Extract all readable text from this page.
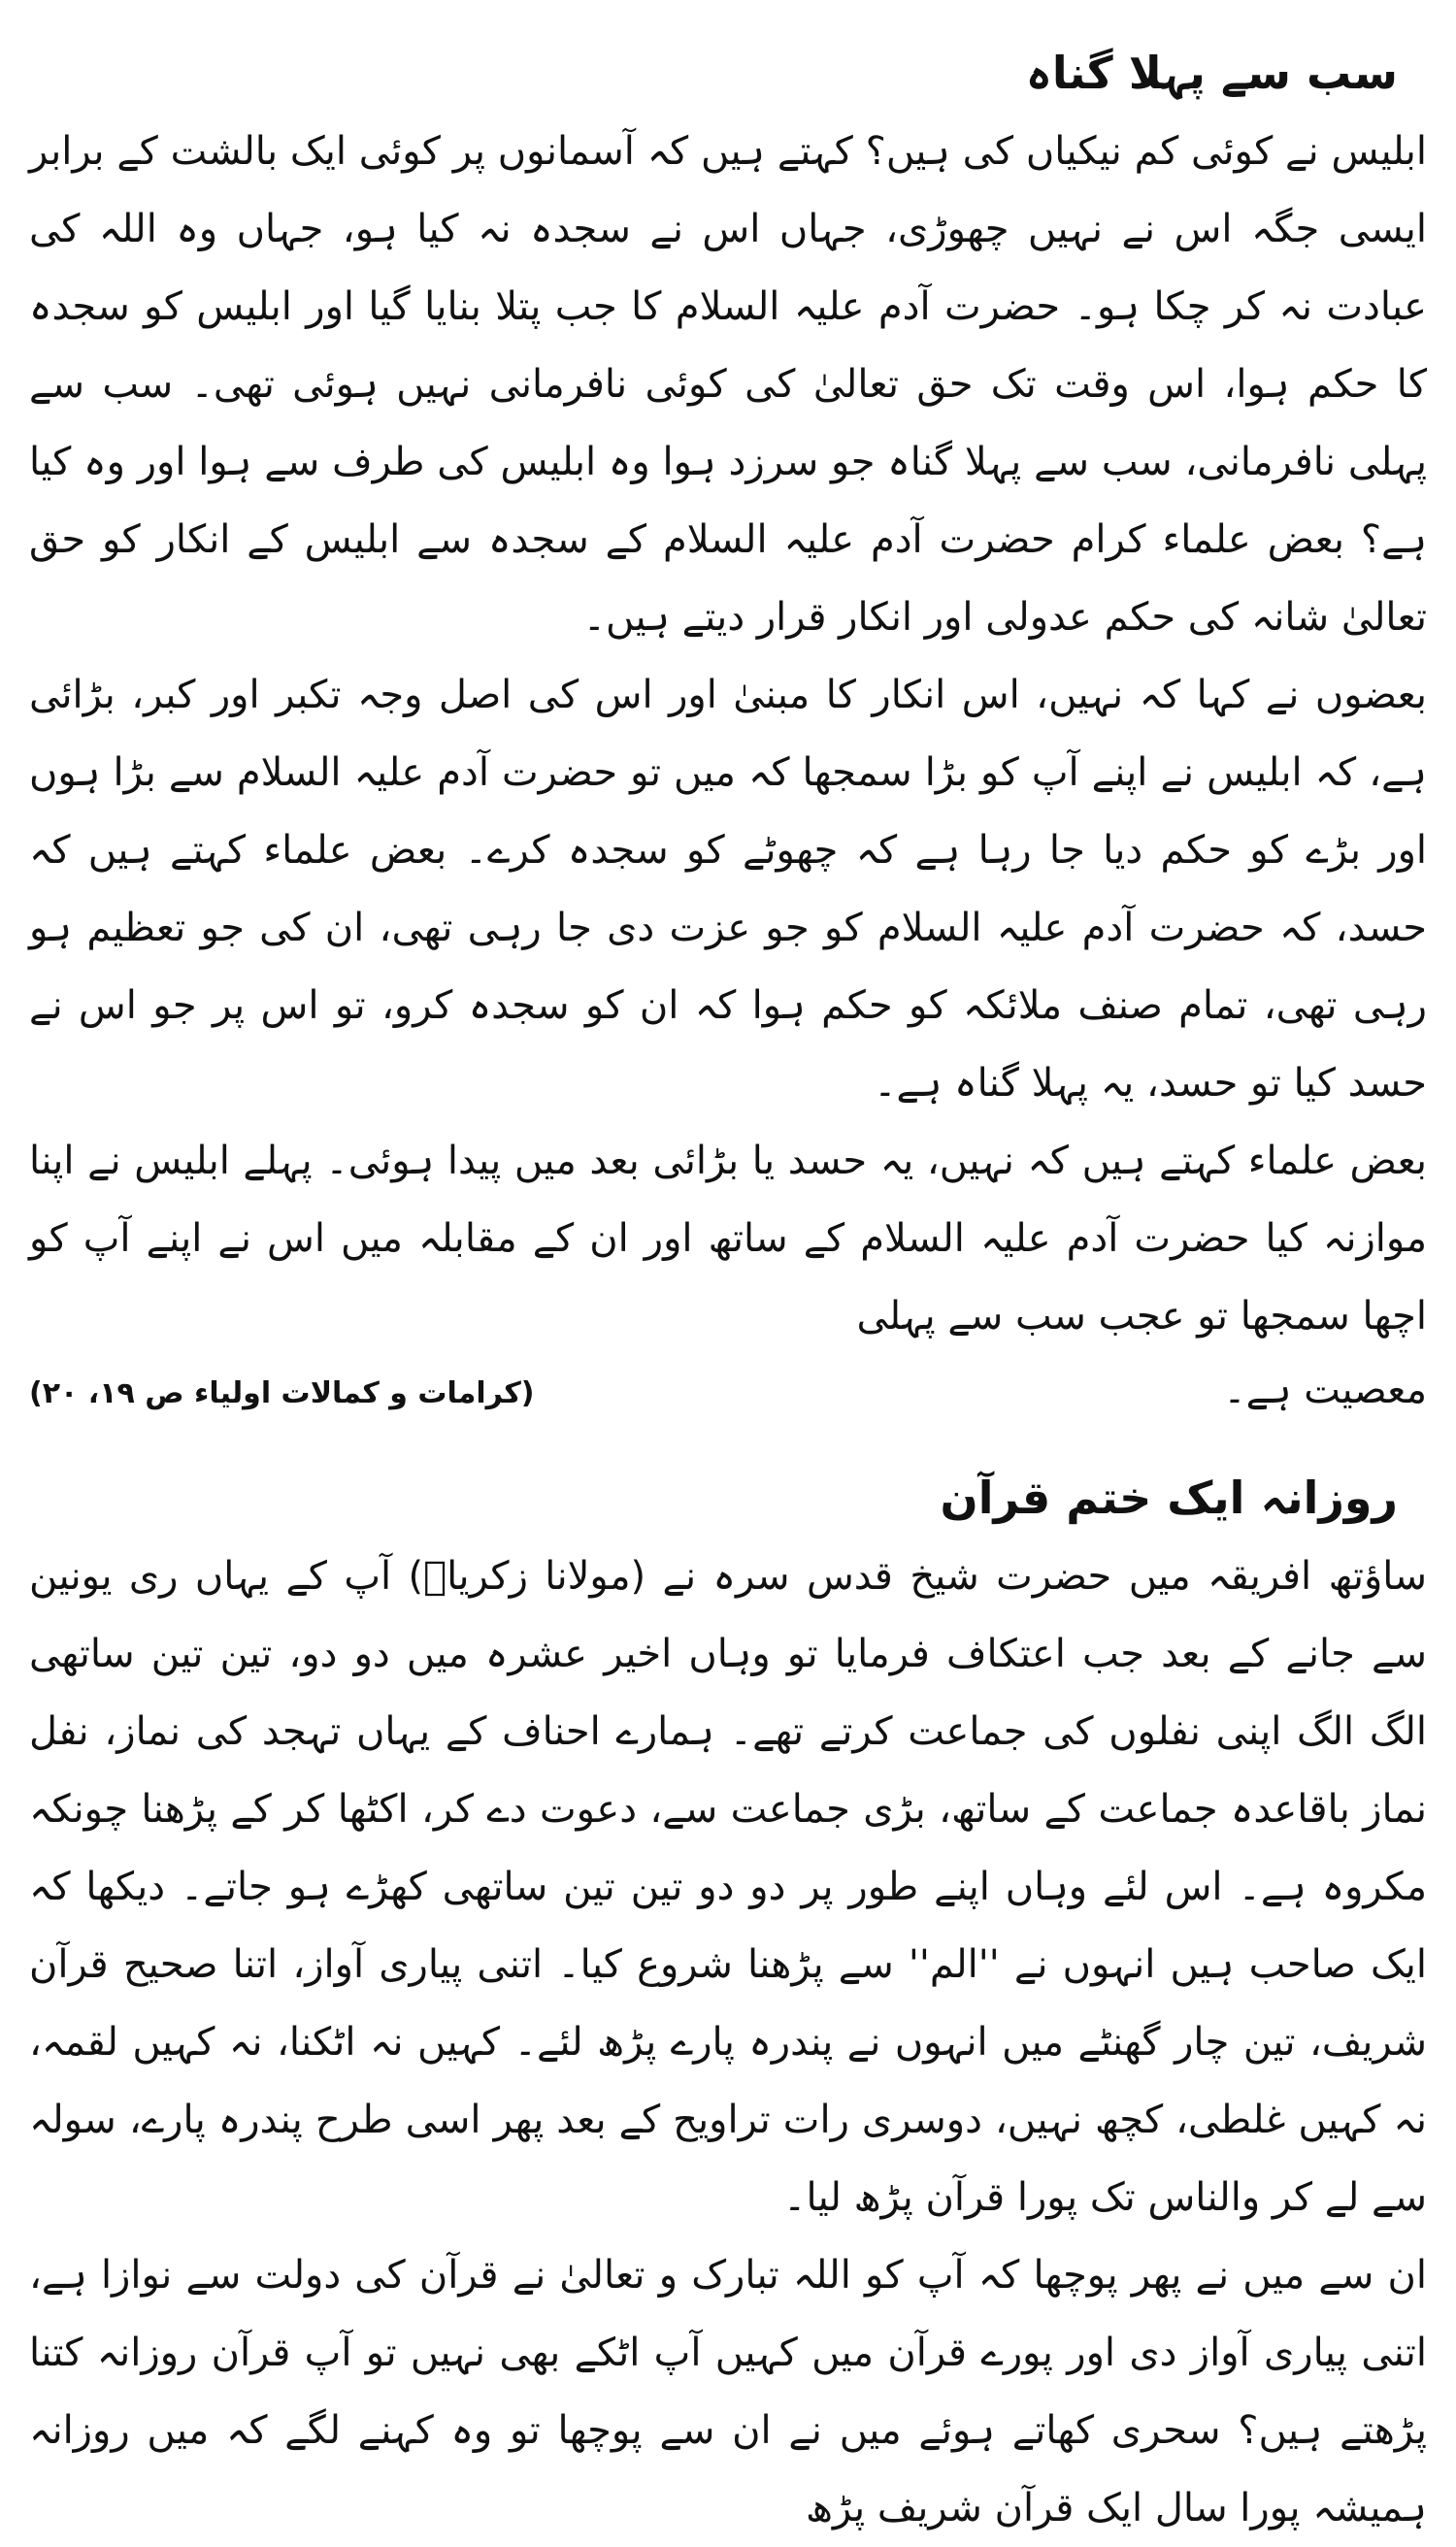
سب سے پہلا گناہ

ابلیس نے کوئی کم نیکیاں کی ہیں؟ کہتے ہیں کہ آسمانوں پر کوئی ایک بالشت کے برابر ایسی جگہ اس نے نہیں چھوڑی، جہاں اس نے سجدہ نہ کیا ہو، جہاں وہ اللہ کی عبادت نہ کر چکا ہو۔ حضرت آدم علیہ السلام کا جب پتلا بنایا گیا اور ابلیس کو سجدہ کا حکم ہوا، اس وقت تک حق تعالیٰ کی کوئی نافرمانی نہیں ہوئی تھی۔ سب سے پہلی نافرمانی، سب سے پہلا گناہ جو سرزد ہوا وہ ابلیس کی طرف سے ہوا اور وہ کیا ہے؟ بعض علماء کرام حضرت آدم علیہ السلام کے سجدہ سے ابلیس کے انکار کو حق تعالیٰ شانہ کی حکم عدولی اور انکار قرار دیتے ہیں۔

بعضوں نے کہا کہ نہیں، اس انکار کا مبنیٰ اور اس کی اصل وجہ تکبر اور کبر، بڑائی ہے، کہ ابلیس نے اپنے آپ کو بڑا سمجھا کہ میں تو حضرت آدم علیہ السلام سے بڑا ہوں اور بڑے کو حکم دیا جا رہا ہے کہ چھوٹے کو سجدہ کرے۔ بعض علماء کہتے ہیں کہ حسد، کہ حضرت آدم علیہ السلام کو جو عزت دی جا رہی تھی، ان کی جو تعظیم ہو رہی تھی، تمام صنف ملائکہ کو حکم ہوا کہ ان کو سجدہ کرو، تو اس پر جو اس نے حسد کیا تو حسد، یہ پہلا گناہ ہے۔

بعض علماء کہتے ہیں کہ نہیں، یہ حسد یا بڑائی بعد میں پیدا ہوئی۔ پہلے ابلیس نے اپنا موازنہ کیا حضرت آدم علیہ السلام کے ساتھ اور ان کے مقابلہ میں اس نے اپنے آپ کو اچھا سمجھا تو عجب سب سے پہلی

معصیت ہے۔
(کرامات و کمالات اولیاء ص ۱۹، ۲۰)
روزانہ ایک ختم قرآن

ساؤتھ افریقہ میں حضرت شیخ قدس سرہ نے (مولانا زکریاؒ) آپ کے یہاں ری یونین سے جانے کے بعد جب اعتکاف فرمایا تو وہاں اخیر عشرہ میں دو دو، تین تین ساتھی الگ الگ اپنی نفلوں کی جماعت کرتے تھے۔ ہمارے احناف کے یہاں تہجد کی نماز، نفل نماز باقاعدہ جماعت کے ساتھ، بڑی جماعت سے، دعوت دے کر، اکٹھا کر کے پڑھنا چونکہ مکروہ ہے۔ اس لئے وہاں اپنے طور پر دو دو تین تین ساتھی کھڑے ہو جاتے۔ دیکھا کہ ایک صاحب ہیں انہوں نے ''الم'' سے پڑھنا شروع کیا۔ اتنی پیاری آواز، اتنا صحیح قرآن شریف، تین چار گھنٹے میں انہوں نے پندرہ پارے پڑھ لئے۔ کہیں نہ اٹکنا، نہ کہیں لقمہ، نہ کہیں غلطی، کچھ نہیں، دوسری رات تراویح کے بعد پھر اسی طرح پندرہ پارے، سولہ سے لے کر والناس تک پورا قرآن پڑھ لیا۔

ان سے میں نے پھر پوچھا کہ آپ کو اللہ تبارک و تعالیٰ نے قرآن کی دولت سے نوازا ہے، اتنی پیاری آواز دی اور پورے قرآن میں کہیں آپ اٹکے بھی نہیں تو آپ قرآن روزانہ کتنا پڑھتے ہیں؟ سحری کھاتے ہوئے میں نے ان سے پوچھا تو وہ کہنے لگے کہ میں روزانہ ہمیشہ پورا سال ایک قرآن شریف پڑھ
